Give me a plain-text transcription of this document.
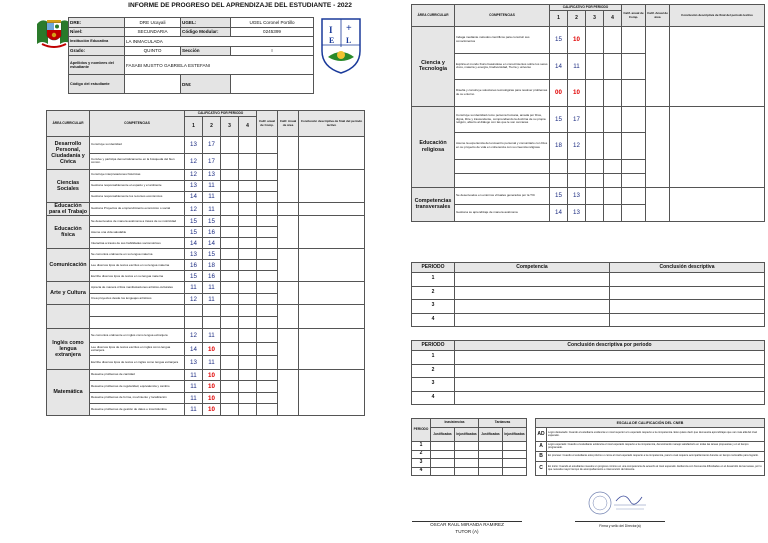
INFORME DE PROGRESO DEL APRENDIZAJE DEL ESTUDIANTE - 2022
DRE:	DRE Ucayali	UGEL:	UGEL Coronel Portillo
Nivel:	SECUNDARIA	Código Modular:	0245399
Institución Educativa	LA INMACULADA		
Grado:	QUINTO	Sección	I
Apellidos y nombres del estudiante	FASABI MUSTTO GABRIELA ESTEFANI		
Código del estudiante		DNI:	
I +
E L
ÁREA CURRICULAR	COMPETENCIAS	CALIFICATIVO POR PERIODO				Calif. anual de Comp.	Calif. Anual de área	Conclusión descriptiva de final del periodo lectivo
		1	2	3	4			
Desarrollo Personal, Ciudadanía y Cívica	Construye su identidad	13	17					
	Convive y participa democráticamente en la búsqueda del bien común.	12	17					
Ciencias Sociales	Construye interpretaciones históricas	12	13					
	Gestiona responsablemente el espacio y el ambiente	13	11					
	Gestiona responsablemente los recursos económicos	14	11					
Educación para el Trabajo	Gestiona Proyectos de emprendimiento económico o social	12	11					
Educación física	Se desenvuelve de manera autónoma a través de su motricidad	15	15					
	Asume una vida saludable	15	16					
	Interactúa a través de sus habilidades sociomotrices	14	14					
Comunicación	Se comunica oralmente en su lengua materna	13	15					
	Lee diversos tipos de textos escritos en su lengua materna	16	18					
	Escribe diversos tipos de textos en su lengua materna	15	16					
Arte y Cultura	Aprecia de manera crítica manifestaciones artístico-culturales	11	11					
	Crea proyectos desde los lenguajes artísticos	12	11					

Inglés como lengua extranjera	Se comunica oralmente en inglés como lengua extranjera	12	11					
	Lee diversos tipos de textos escritos en inglés como lengua extranjera	14	10					
	Escribe diversos tipos de textos en inglés como lengua extranjera	13	11					
Matemática	Resuelve problemas de cantidad	11	10					
	Resuelve problemas de regularidad, equivalencia y cambio	11	10					
	Resuelve problemas de forma, movimiento y localización	11	10					
	Resuelve problemas de gestión de datos e incertidumbre	11	10					
ÁREA CURRICULAR	COMPETENCIAS	CALIFICATIVO POR PERIODO				Calif. anual de Comp.	Calif. Anual de área	Conclusión descriptiva de final del periodo lectivo
		1	2	3	4			
Ciencia y Tecnología	Indaga mediante métodos científicos para construir sus conocimientos	15	10					
	Explica el mundo físico basándose en conocimientos sobre los seres vivos, materia y energía, biodiversidad, Tierra y universo	14	11					
	Diseña y construye soluciones tecnológicas para resolver problemas de su entorno	00	10					
Educación religiosa	Construye su identidad como persona humana, amada por Dios, digna, libre y trascendente, comprendiendo la doctrina de su propia religión, abierto al diálogo con las que le son cercanas	15	17					
	Asume la experiencia del encuentro personal y comunitario con Dios en su proyecto de vida en coherencia con su creencia religiosa	18	12					

Competencias transversales	Se desenvuelve en entornos virtuales generados por la TIC	15	13					
	Gestiona su aprendizaje de manera autónoma	14	13					
PERIODO	Competencia	Conclusión descriptiva
1		
2		
3		
4		
PERIODO	Conclusión descriptiva por periodo
1	
2	
3	
4	
PERIODO	Inasistencias		Tardanzas	
	Justificadas	Injustificadas	Justificadas	Injustificadas
1				
2				
3				
4				
ESCALA DE CALIFICACIÓN DEL CNEB	
AD	Logro destacado: Cuando el estudiante evidencia un nivel superior a lo esperado respecto a la competencia. Esto quiere decir que demuestra aprendizajes que van más allá del nivel esperado.
A	Logro esperado: Cuando el estudiante evidencia el nivel esperado respecto a la competencia, demostrando manejo satisfactorio en todas las tareas propuestas y en el tiempo programado.
B	En proceso: Cuando el estudiante está próximo o cerca al nivel esperado respecto a la competencia, para lo cual requiere acompañamiento durante un tiempo razonable para lograrlo.
C	En inicio: Cuando el estudiante muestra un progreso mínimo en una competencia de acuerdo al nivel esperado. Evidencia con frecuencia dificultades en el desarrollo de las tareas, por lo que necesita mayor tiempo de acompañamiento e intervención del docente.
OSCAR RAUL MIRANDA RAMIREZ
TUTOR (A)
Firma y sello del Director(a)
